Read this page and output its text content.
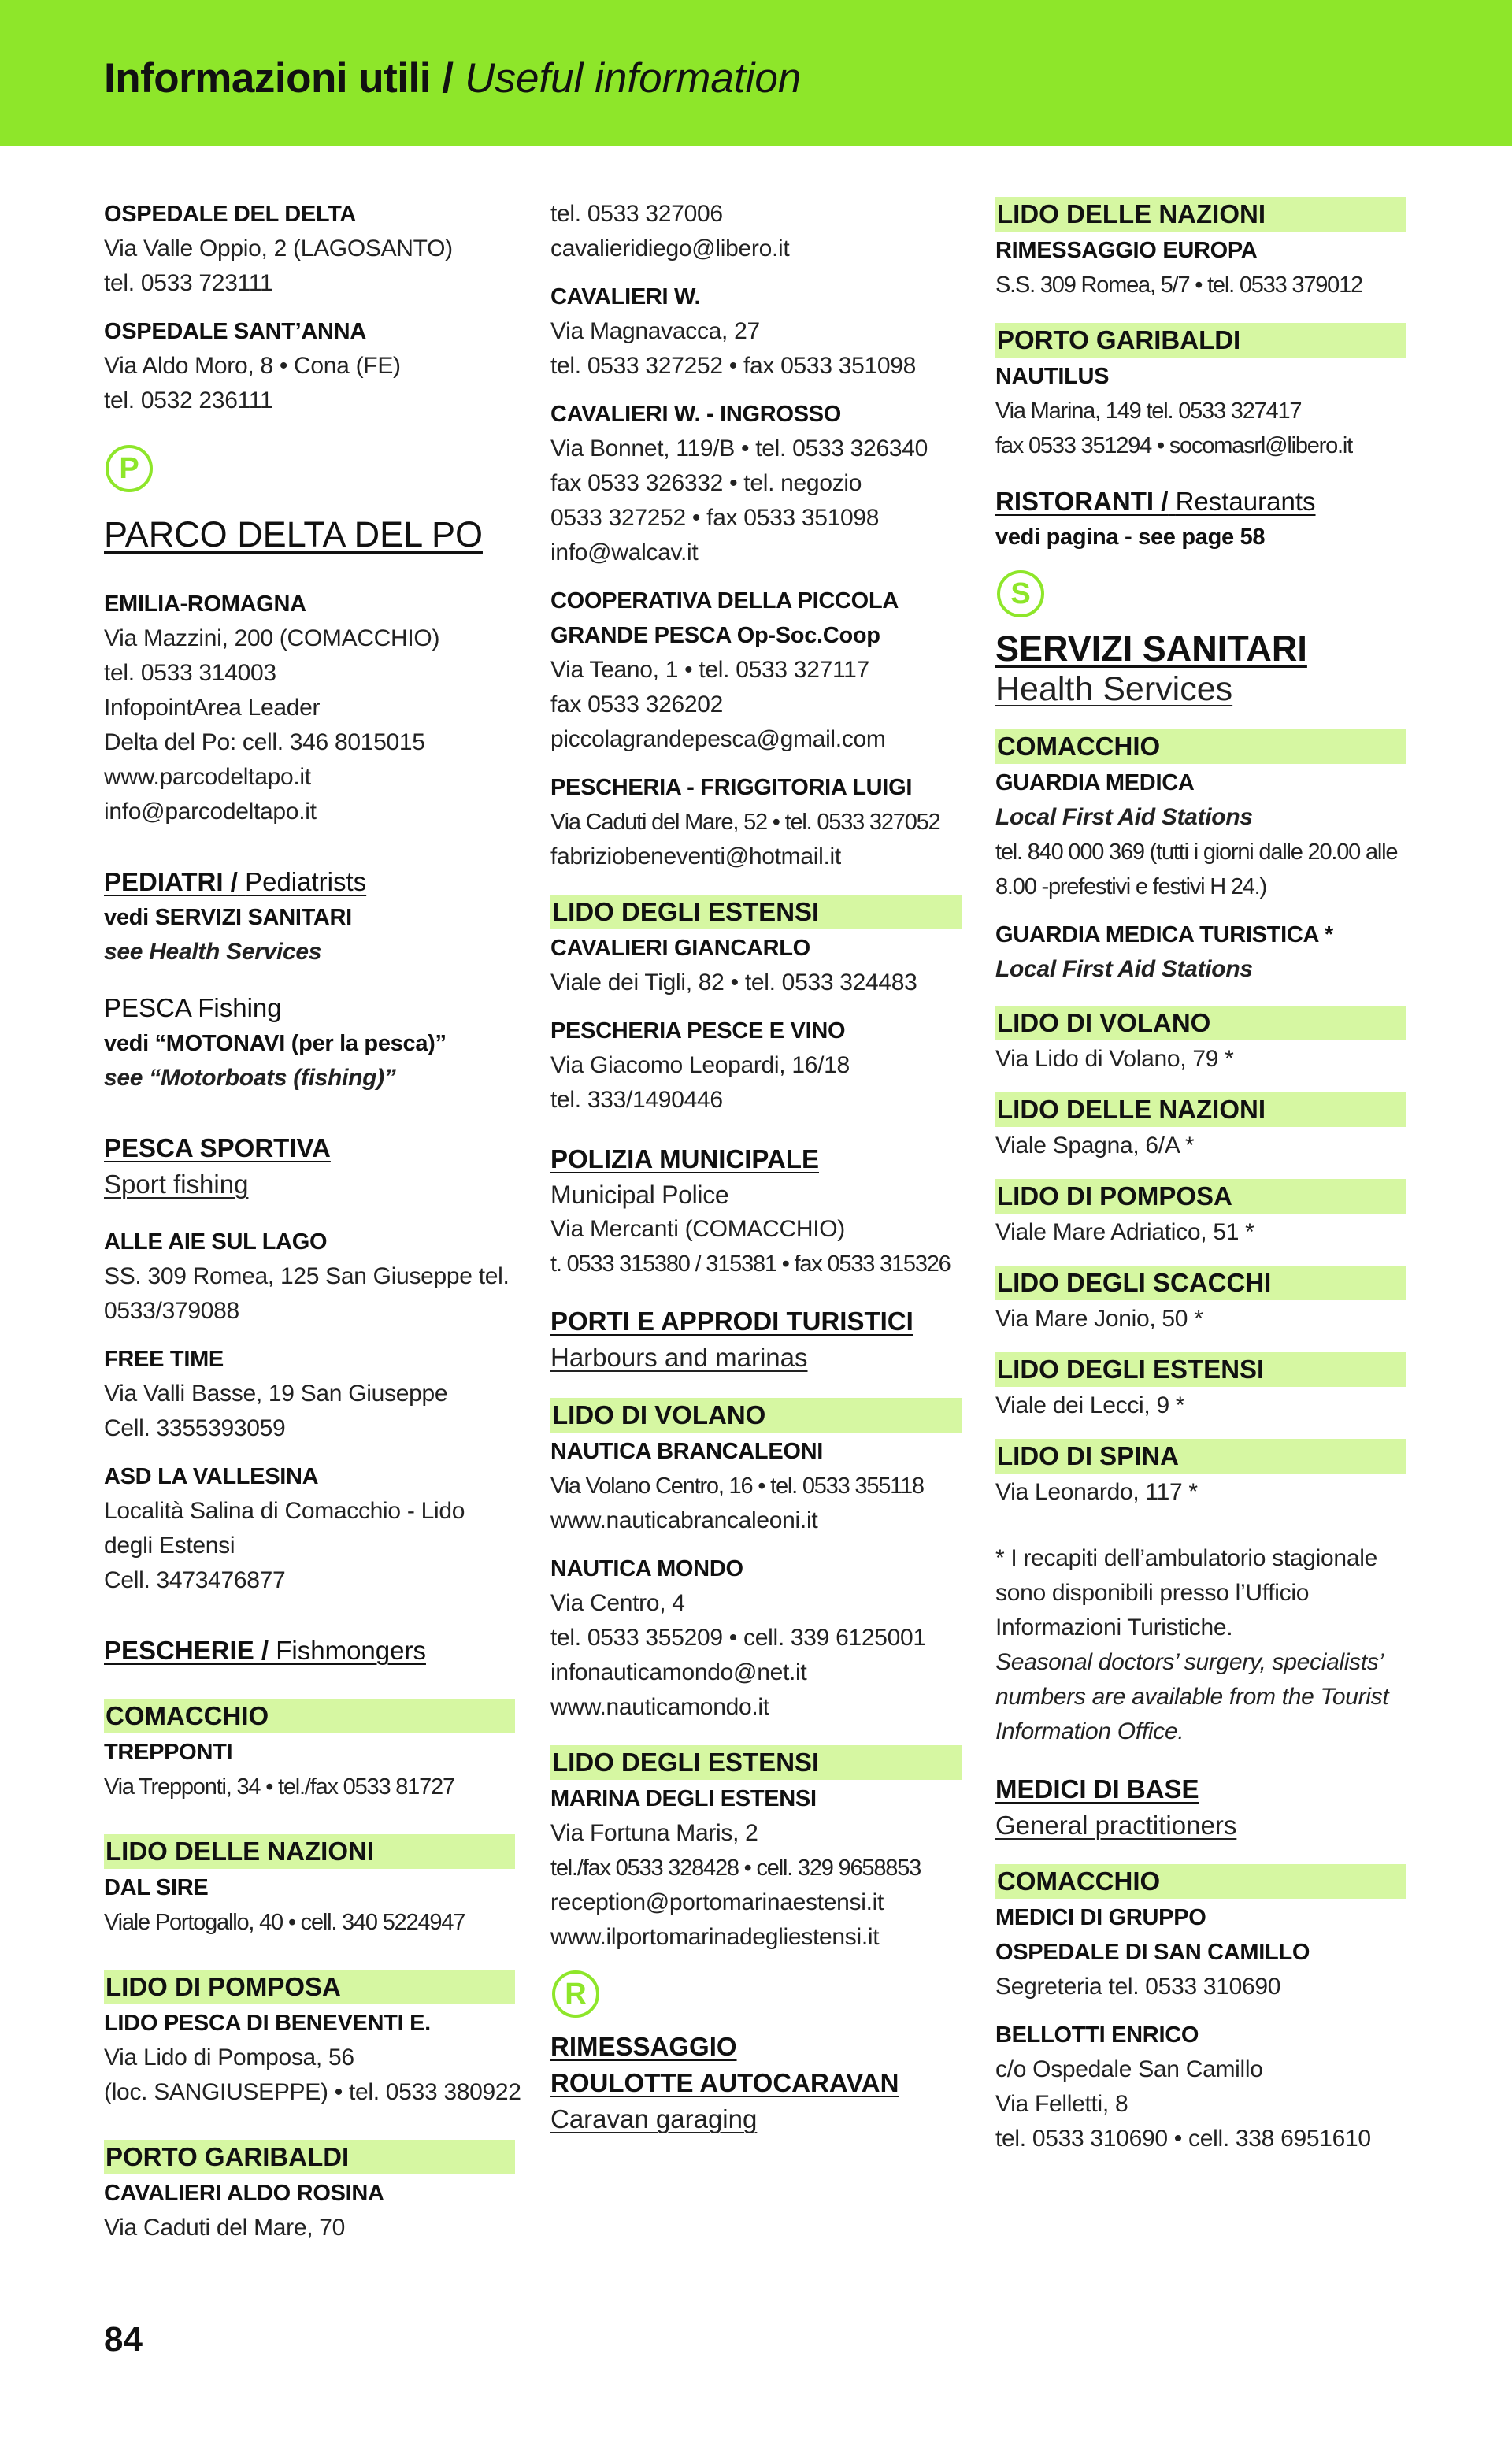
Informazioni utili / Useful information
OSPEDALE DEL DELTA
Via Valle Oppio, 2 (LAGOSANTO)
tel. 0533 723111
OSPEDALE SANT’ANNA
Via Aldo Moro, 8 • Cona (FE)
tel. 0532 236111
P
PARCO DELTA DEL PO
EMILIA-ROMAGNA
Via Mazzini, 200 (COMACCHIO)
tel. 0533 314003
InfopointArea Leader
Delta del Po: cell. 346 8015015
www.parcodeltapo.it
info@parcodeltapo.it
PEDIATRI / Pediatrists
vedi SERVIZI SANITARI
see Health Services
PESCA Fishing
vedi “MOTONAVI (per la pesca)”
see “Motorboats (fishing)”
PESCA SPORTIVA
Sport fishing
ALLE AIE SUL LAGO
SS. 309 Romea, 125 San Giuseppe tel.
0533/379088
FREE TIME
Via Valli Basse, 19 San Giuseppe
Cell. 3355393059
ASD LA VALLESINA
Località Salina di Comacchio - Lido
degli Estensi
Cell. 3473476877
PESCHERIE / Fishmongers
COMACCHIO
TREPPONTI
Via Trepponti, 34 • tel./fax 0533 81727
LIDO DELLE NAZIONI
DAL SIRE
Viale Portogallo, 40 • cell. 340 5224947
LIDO DI POMPOSA
LIDO PESCA DI BENEVENTI E.
Via Lido di Pomposa, 56
(loc. SANGIUSEPPE) • tel. 0533 380922
PORTO GARIBALDI
CAVALIERI ALDO ROSINA
Via Caduti del Mare, 70
tel. 0533 327006
cavalieridiego@libero.it
CAVALIERI W.
Via Magnavacca, 27
tel. 0533 327252 • fax 0533 351098
CAVALIERI W. - INGROSSO
Via Bonnet, 119/B • tel. 0533 326340
fax 0533 326332 • tel. negozio
0533 327252 • fax 0533 351098
info@walcav.it
COOPERATIVA DELLA PICCOLA
GRANDE PESCA Op-Soc.Coop
Via Teano, 1 • tel. 0533 327117
fax 0533 326202
piccolagrandepesca@gmail.com
PESCHERIA - FRIGGITORIA LUIGI
Via Caduti del Mare, 52 • tel. 0533 327052
fabriziobeneventi@hotmail.it
LIDO DEGLI ESTENSI
CAVALIERI GIANCARLO
Viale dei Tigli, 82 • tel. 0533 324483
PESCHERIA PESCE E VINO
Via Giacomo Leopardi, 16/18
tel. 333/1490446
POLIZIA MUNICIPALE
Municipal Police
Via Mercanti (COMACCHIO)
t. 0533 315380 / 315381 • fax 0533 315326
PORTI E APPRODI TURISTICI
Harbours and marinas
LIDO DI VOLANO
NAUTICA BRANCALEONI
Via Volano Centro, 16 • tel. 0533 355118
www.nauticabrancaleoni.it
NAUTICA MONDO
Via Centro, 4
tel. 0533 355209 • cell. 339 6125001
infonauticamondo@net.it
www.nauticamondo.it
LIDO DEGLI ESTENSI
MARINA DEGLI ESTENSI
Via Fortuna Maris, 2
tel./fax 0533 328428 • cell. 329 9658853
reception@portomarinaestensi.it
www.ilportomarinadegliestensi.it
R
RIMESSAGGIO
ROULOTTE AUTOCARAVAN
Caravan garaging
LIDO DELLE NAZIONI
RIMESSAGGIO EUROPA
S.S. 309 Romea, 5/7 • tel. 0533 379012
PORTO GARIBALDI
NAUTILUS
Via Marina, 149 tel. 0533 327417
fax 0533 351294 • socomasrl@libero.it
RISTORANTI / Restaurants
vedi pagina - see page 58
S
SERVIZI SANITARI
Health Services
COMACCHIO
GUARDIA MEDICA
Local First Aid Stations
tel. 840 000 369 (tutti i giorni dalle 20.00 alle
8.00 -prefestivi e festivi H 24.)
GUARDIA MEDICA TURISTICA *
Local First Aid Stations
LIDO DI VOLANO
Via Lido di Volano, 79 *
LIDO DELLE NAZIONI
Viale Spagna, 6/A *
LIDO DI POMPOSA
Viale Mare Adriatico, 51 *
LIDO DEGLI SCACCHI
Via Mare Jonio, 50 *
LIDO DEGLI ESTENSI
Viale dei Lecci, 9 *
LIDO DI SPINA
Via Leonardo, 117 *
* I recapiti dell’ambulatorio stagionale
sono disponibili presso l’Ufficio
Informazioni Turistiche.
Seasonal doctors’ surgery, specialists’
numbers are available from the Tourist
Information Office.
MEDICI DI BASE
General practitioners
COMACCHIO
MEDICI DI GRUPPO
OSPEDALE DI SAN CAMILLO
Segreteria tel. 0533 310690
BELLOTTI ENRICO
c/o Ospedale San Camillo
Via Felletti, 8
tel. 0533 310690 • cell. 338 6951610
84
